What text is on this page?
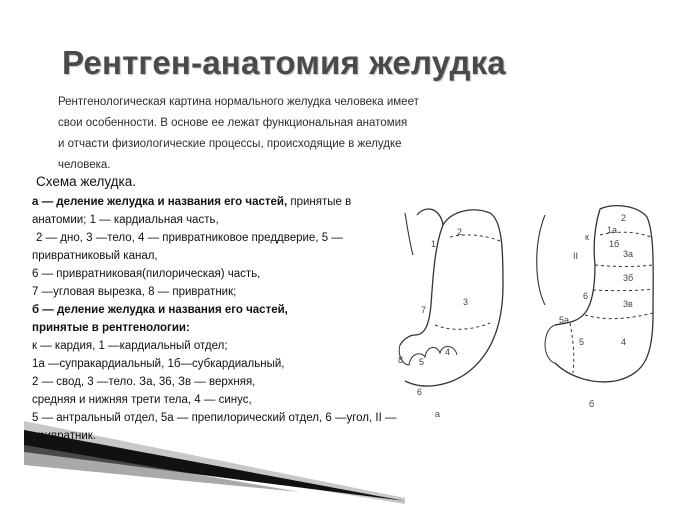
Рентген-анатомия желудка
Рентгенологическая картина нормального желудка человека имеет
свои особенности. В основе ее лежат функциональная анатомия
и отчасти физиологические процессы, происходящие в желудке
человека.
Схема желудка.
а — деление желудка и названия его частей, принятые в
анатомии; 1 — кардиальная часть,
2 — дно, 3 —тело, 4 — привратниковое преддверие, 5 —
привратниковый канал,
6 — привратниковая(пилорическая) часть,
7 —угловая вырезка, 8 — привратник;
б — деление желудка и названия его частей,
принятые в рентгенологии:
к — кардия, 1 —кардиальный отдел;
1а —супракардиальный, 1б—субкардиальный,
2 — свод, 3 —тело. За, 36, Зв — верхняя,
средняя и нижняя трети тела, 4 — синус,
5 — антральный отдел, 5а — препилорический отдел, 6 —угол, II —
привратник.
2
1
3
7
4
5
6
8
а
2
1а
1б
к
3а
3б
3в
II
6
5а
4
5
б
